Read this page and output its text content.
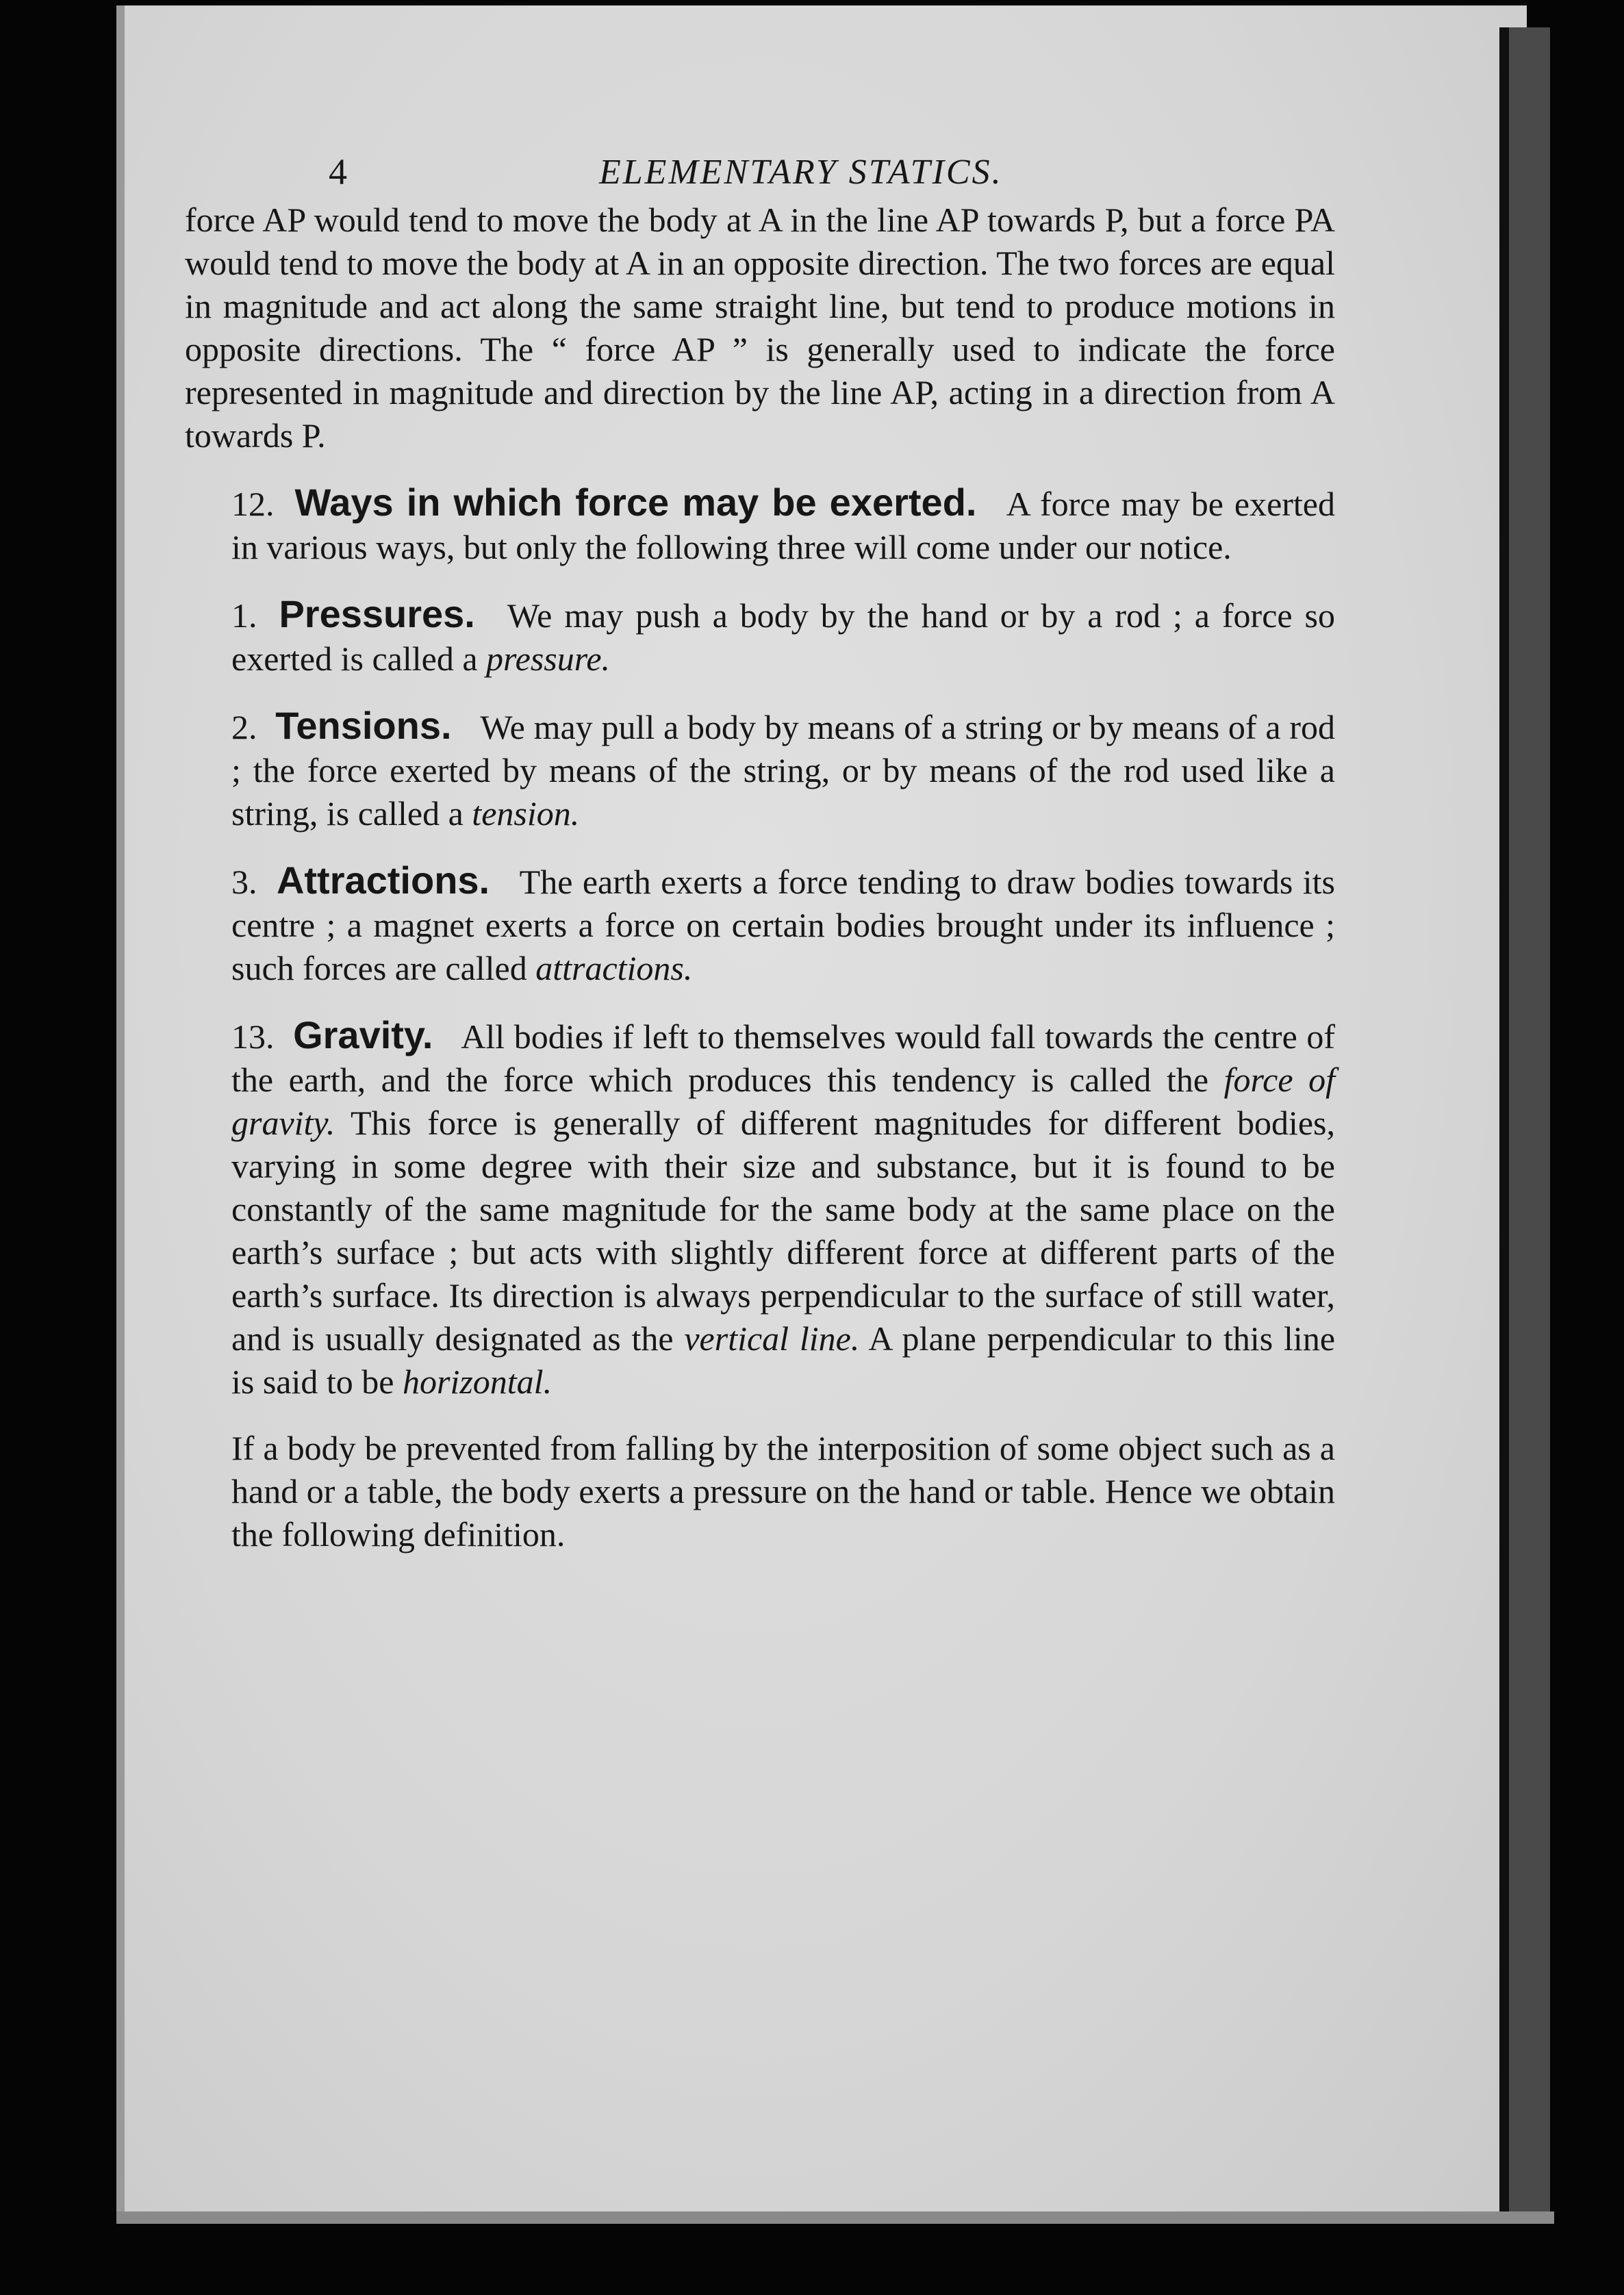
4	ELEMENTARY STATICS.

force AP would tend to move the body at A in the line AP towards P, but a force PA would tend to move the body at A in an opposite direction. The two forces are equal in magnitude and act along the same straight line, but tend to produce motions in opposite directions. The “ force AP ” is generally used to indicate the force represented in magnitude and direction by the line AP, acting in a direction from A towards P.

12. Ways in which force may be exerted. A force may be exerted in various ways, but only the following three will come under our notice.

1. Pressures. We may push a body by the hand or by a rod ; a force so exerted is called a pressure.

2. Tensions. We may pull a body by means of a string or by means of a rod ; the force exerted by means of the string, or by means of the rod used like a string, is called a tension.

3. Attractions. The earth exerts a force tending to draw bodies towards its centre ; a magnet exerts a force on certain bodies brought under its influence ; such forces are called attractions.

13. Gravity. All bodies if left to themselves would fall towards the centre of the earth, and the force which produces this tendency is called the force of gravity. This force is generally of different magnitudes for different bodies, varying in some degree with their size and substance, but it is found to be constantly of the same magnitude for the same body at the same place on the earth’s surface ; but acts with slightly different force at different parts of the earth’s surface. Its direction is always perpendicular to the surface of still water, and is usually designated as the vertical line. A plane perpendicular to this line is said to be horizontal.

If a body be prevented from falling by the interposition of some object such as a hand or a table, the body exerts a pressure on the hand or table. Hence we obtain the following definition.
